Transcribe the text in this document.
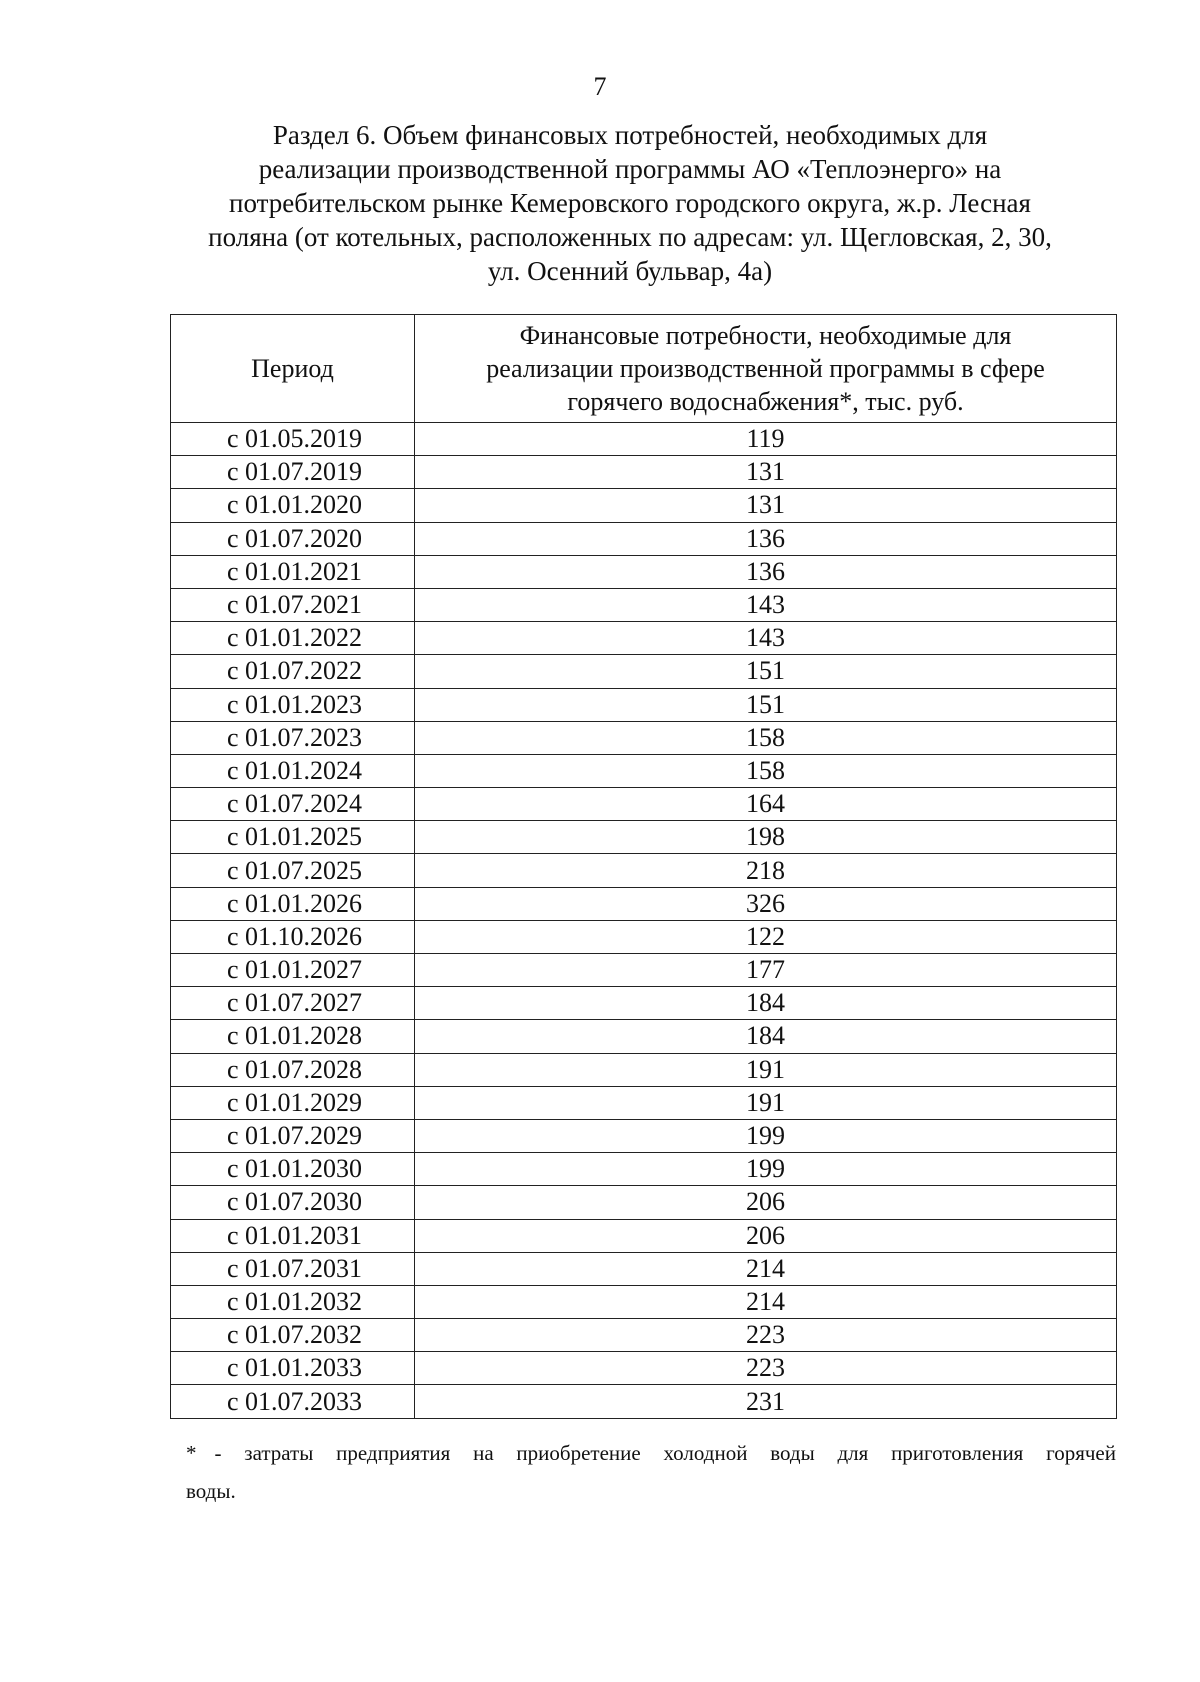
7
Раздел 6. Объем финансовых потребностей, необходимых для
реализации производственной программы АО «Теплоэнерго» на
потребительском рынке Кемеровского городского округа, ж.р. Лесная
поляна (от котельных, расположенных по адресам: ул. Щегловская, 2, 30,
ул. Осенний бульвар, 4а)
Период	Финансовые потребности, необходимые для
реализации производственной программы в сфере
горячего водоснабжения*, тыс. руб.

с 01.05.2019	119
с 01.07.2019	131
с 01.01.2020	131
с 01.07.2020	136
с 01.01.2021	136
с 01.07.2021	143
с 01.01.2022	143
с 01.07.2022	151
с 01.01.2023	151
с 01.07.2023	158
с 01.01.2024	158
с 01.07.2024	164
с 01.01.2025	198
с 01.07.2025	218
с 01.01.2026	326
с 01.10.2026	122
с 01.01.2027	177
с 01.07.2027	184
с 01.01.2028	184
с 01.07.2028	191
с 01.01.2029	191
с 01.07.2029	199
с 01.01.2030	199
с 01.07.2030	206
с 01.01.2031	206
с 01.07.2031	214
с 01.01.2032	214
с 01.07.2032	223
с 01.01.2033	223
с 01.07.2033	231
* - затраты предприятия на приобретение холодной воды для приготовления горячей
воды.
